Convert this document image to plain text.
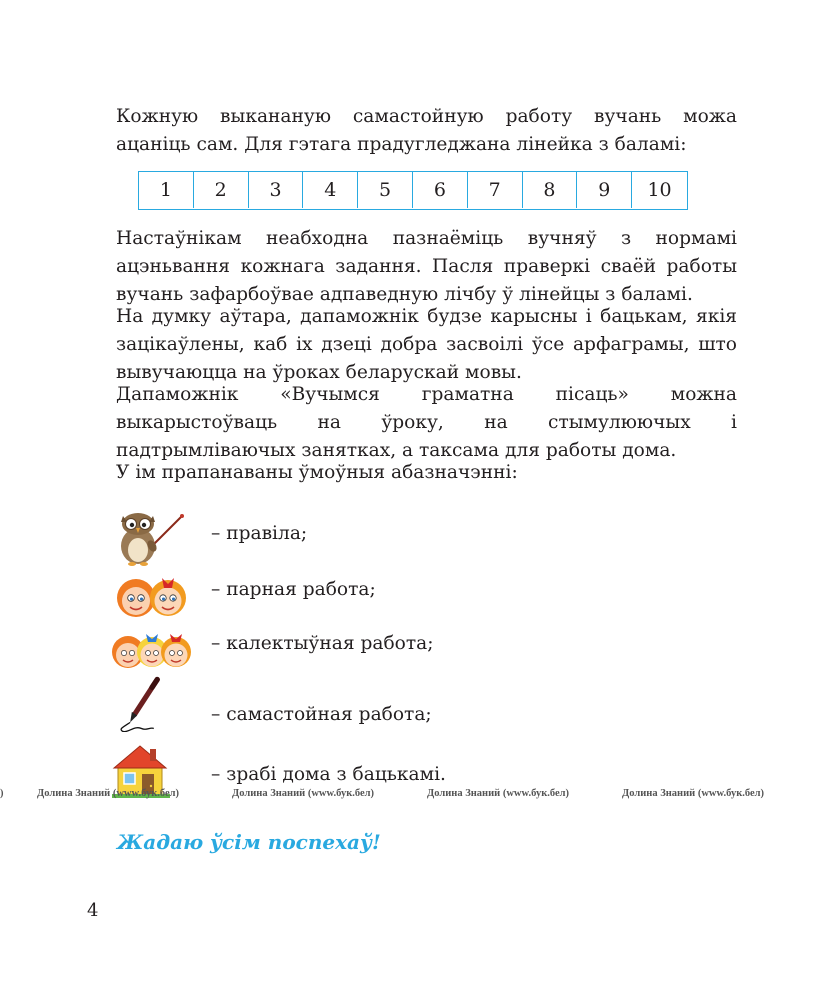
Кожную выкананую самастойную работу вучань можа ацаніць сам. Для гэтага прадугледжана лінейка з баламі:

1	2	3	4	5	6	7	8	9	10

Настаўнікам неабходна пазнаёміць вучняў з нормамі ацэньвання кожнага задання. Пасля праверкі сваёй работы вучань зафарбоўвае адпаведную лічбу ў лінейцы з баламі.

На думку аўтара, дапаможнік будзе карысны і бацькам, якія зацікаўлены, каб іх дзеці добра засвоілі ўсе арфаграмы, што вывучаюцца на ўроках беларускай мовы.

Дапаможнік «Вучымся граматна пісаць» можна выкарыстоўваць на ўроку, на стымулюючых і падтрымліваючых занятках, а таксама для работы дома.

У ім прапанаваны ўмоўныя абазначэнні:

– правіла;
– парная работа;
– калектыўная работа;
– самастойная работа;
– зрабі дома з бацькамі.
)	Долина Знаний (www.бук.бел)	Долина Знаний (www.бук.бел)	Долина Знаний (www.бук.бел)	Долина Знаний (www.бук.бел)

Жадаю ўсім поспехаў!

4
